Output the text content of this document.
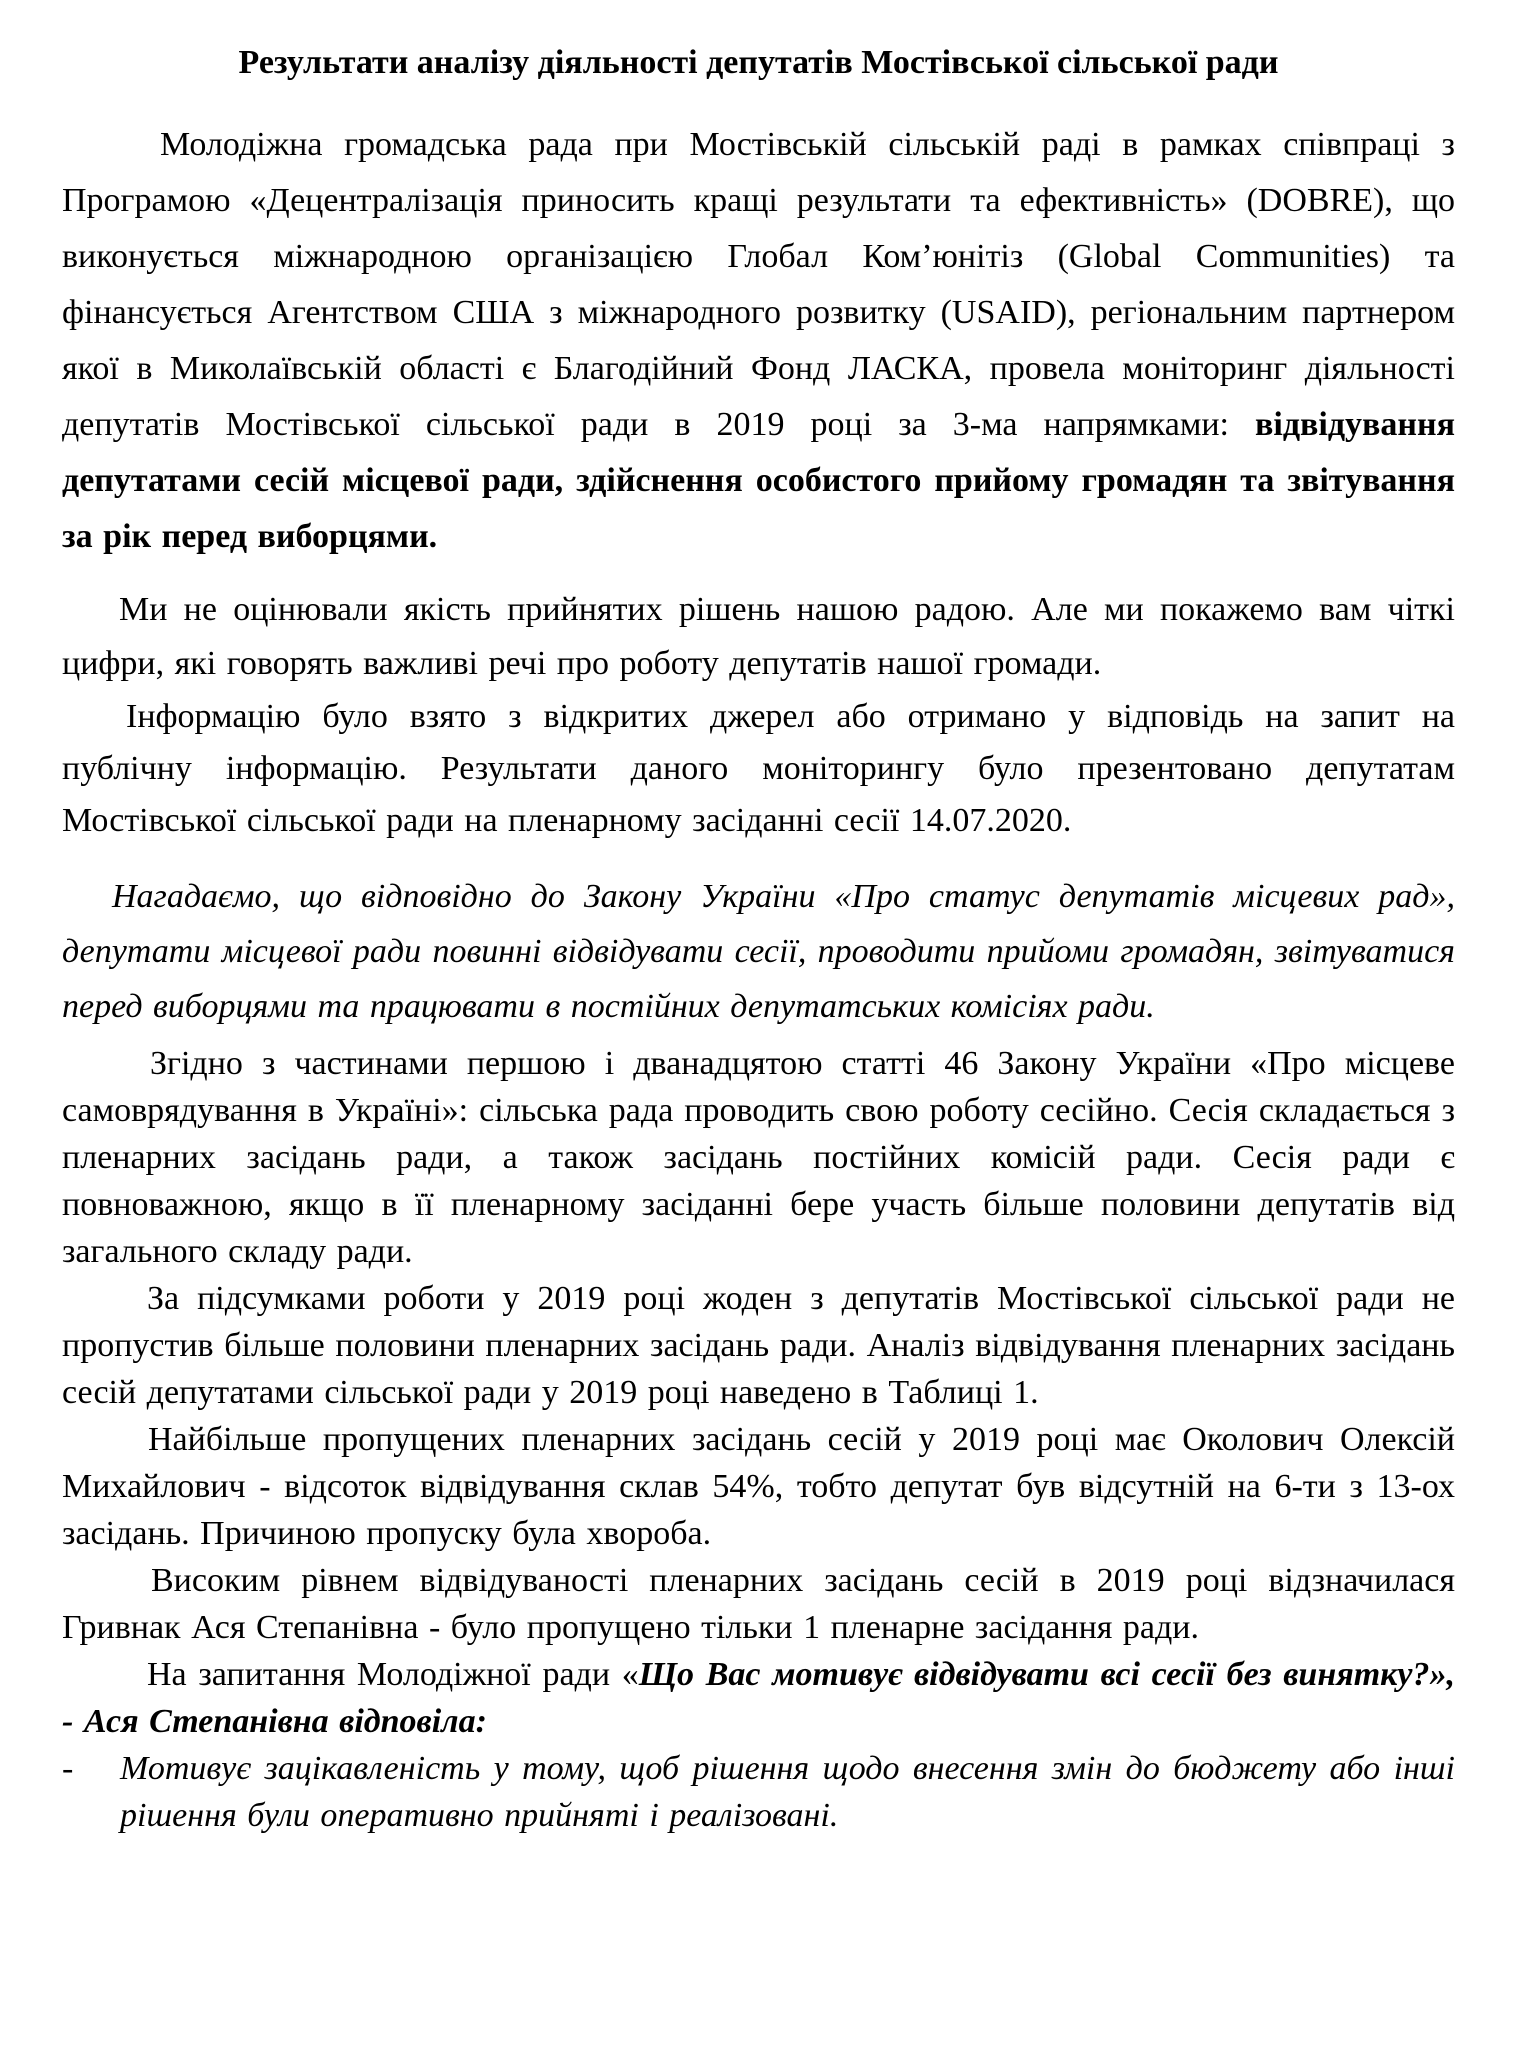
Результати аналізу діяльності депутатів Мостівської сільської ради

Молодіжна громадська рада при Мостівській сільській раді в рамках співпраці з Програмою «Децентралізація приносить кращі результати та ефективність» (DOBRE), що виконується міжнародною організацією Глобал Ком’юнітіз (Global Communities) та фінансується Агентством США з міжнародного розвитку (USAID), регіональним партнером якої в Миколаївській області є Благодійний Фонд ЛАСКА, провела моніторинг діяльності депутатів Мостівської сільської ради в 2019 році за 3-ма напрямками: відвідування депутатами сесій місцевої ради, здійснення особистого прийому громадян та звітування за рік перед виборцями.

Ми не оцінювали якість прийнятих рішень нашою радою. Але ми покажемо вам чіткі цифри, які говорять важливі речі про роботу депутатів нашої громади.

Інформацію було взято з відкритих джерел або отримано у відповідь на запит на публічну інформацію. Результати даного моніторингу було презентовано депутатам Мостівської сільської ради на пленарному засіданні сесії 14.07.2020.

Нагадаємо, що відповідно до Закону України «Про статус депутатів місцевих рад», депутати місцевої ради повинні відвідувати сесії, проводити прийоми громадян, звітуватися перед виборцями та працювати в постійних депутатських комісіях ради.

Згідно з частинами першою і дванадцятою статті 46 Закону України «Про місцеве самоврядування в Україні»: сільська рада проводить свою роботу сесійно. Сесія складається з пленарних засідань ради, а також засідань постійних комісій ради. Сесія ради є повноважною, якщо в її пленарному засіданні бере участь більше половини депутатів від загального складу ради.

За підсумками роботи у 2019 році жоден з депутатів Мостівської сільської ради не пропустив більше половини пленарних засідань ради. Аналіз відвідування пленарних засідань сесій депутатами сільської ради у 2019 році наведено в Таблиці 1.

Найбільше пропущених пленарних засідань сесій у 2019 році має Околович Олексій Михайлович - відсоток відвідування склав 54%, тобто депутат був відсутній на 6-ти з 13-ох засідань. Причиною пропуску була хвороба.

Високим рівнем відвідуваності пленарних засідань сесій в 2019 році відзначилася Гривнак Ася Степанівна - було пропущено тільки 1 пленарне засідання ради.

На запитання Молодіжної ради «Що Вас мотивує відвідувати всі сесії без винятку?», - Ася Степанівна відповіла:

- Мотивує зацікавленість у тому, щоб рішення щодо внесення змін до бюджету або інші рішення були оперативно прийняті і реалізовані.
